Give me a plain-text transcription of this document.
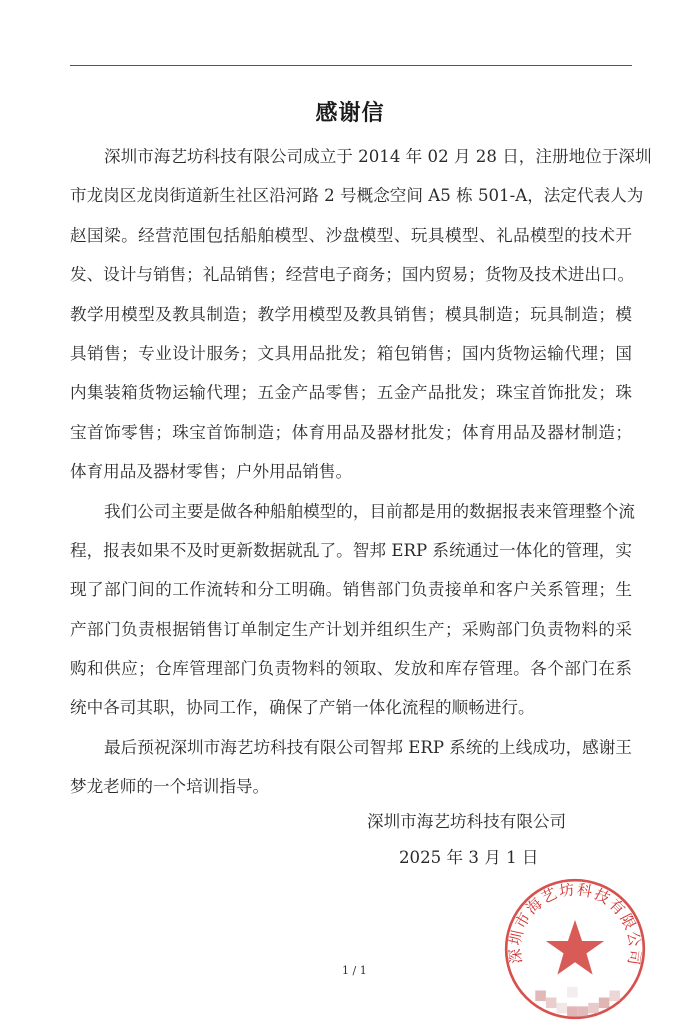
感谢信
深圳市海艺坊科技有限公司成立于 2014 年 02 月 28 日，注册地位于深圳
市龙岗区龙岗街道新生社区沿河路 2 号概念空间 A5 栋 501-A，法定代表人为
赵国梁。经营范围包括船舶模型、沙盘模型、玩具模型、礼品模型的技术开
发、设计与销售；礼品销售；经营电子商务；国内贸易；货物及技术进出口。
教学用模型及教具制造；教学用模型及教具销售；模具制造；玩具制造；模
具销售；专业设计服务；文具用品批发；箱包销售；国内货物运输代理；国
内集装箱货物运输代理；五金产品零售；五金产品批发；珠宝首饰批发；珠
宝首饰零售；珠宝首饰制造；体育用品及器材批发；体育用品及器材制造；
体育用品及器材零售；户外用品销售。
我们公司主要是做各种船舶模型的，目前都是用的数据报表来管理整个流
程，报表如果不及时更新数据就乱了。智邦 ERP 系统通过一体化的管理，实
现了部门间的工作流转和分工明确。销售部门负责接单和客户关系管理；生
产部门负责根据销售订单制定生产计划并组织生产；采购部门负责物料的采
购和供应；仓库管理部门负责物料的领取、发放和库存管理。各个部门在系
统中各司其职，协同工作，确保了产销一体化流程的顺畅进行。
最后预祝深圳市海艺坊科技有限公司智邦 ERP 系统的上线成功，感谢王
梦龙老师的一个培训指导。
深圳市海艺坊科技有限公司
深圳市海艺坊科技有限公司
2025 年 3 月 1 日
1 / 1
